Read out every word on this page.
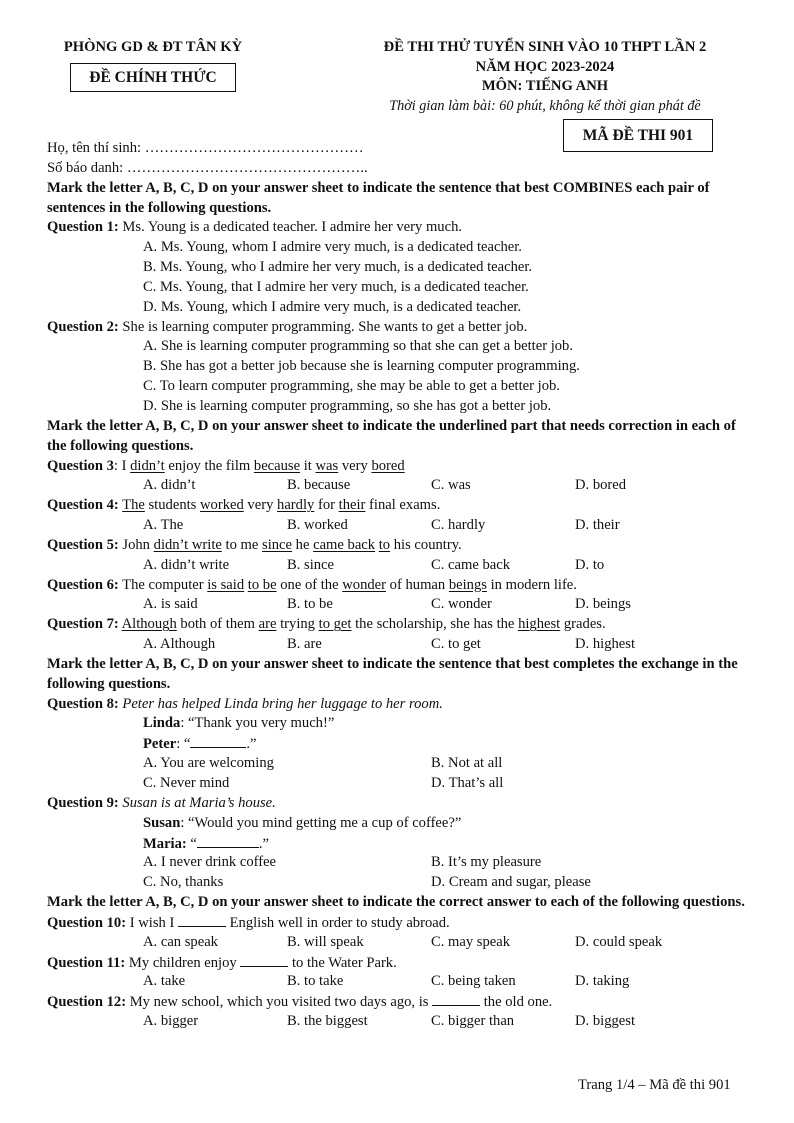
PHÒNG GD & ĐT TÂN KỲ
ĐỀ CHÍNH THỨC
ĐỀ THI THỬ TUYỂN SINH VÀO 10 THPT LẦN 2
NĂM HỌC 2023-2024
MÔN: TIẾNG ANH
Thời gian làm bài: 60 phút, không kể thời gian phát đề
MÃ ĐỀ THI 901
Họ, tên thí sinh: ………………………………………
Số báo danh: …………………………………………..
Mark the letter A, B, C, D on your answer sheet to indicate the sentence that best COMBINES each pair of sentences in the following questions.
Question 1: Ms. Young is a dedicated teacher. I admire her very much.
A. Ms. Young, whom I admire very much, is a dedicated teacher.
B. Ms. Young, who I admire her very much, is a dedicated teacher.
C. Ms. Young, that I admire her very much, is a dedicated teacher.
D. Ms. Young, which I admire very much, is a dedicated teacher.
Question 2: She is learning computer programming. She wants to get a better job.
A. She is learning computer programming so that she can get a better job.
B. She has got a better job because she is learning computer programming.
C. To learn computer programming, she may be able to get a better job.
D. She is learning computer programming, so she has got a better job.
Mark the letter A, B, C, D on your answer sheet to indicate the underlined part that needs correction in each of the following questions.
Question 3: I didn’t enjoy the film because it was very bored
A. didn’t	B. because	C. was	D. bored
Question 4: The students worked very hardly for their final exams.
A. The	B. worked	C. hardly	D. their
Question 5: John didn’t write to me since he came back to his country.
A. didn’t write	B. since	C. came back	D. to
Question 6: The computer is said to be one of the wonder of human beings in modern life.
A. is said	B. to be	C. wonder	D. beings
Question 7: Although both of them are trying to get the scholarship, she has the highest grades.
A. Although	B. are	C. to get	D. highest
Mark the letter A, B, C, D on your answer sheet to indicate the sentence that best completes the exchange in the following questions.
Question 8: Peter has helped Linda bring her luggage to her room.
Linda: “Thank you very much!”
Peter: “	.”
A. You are welcoming	B. Not at all
C. Never mind	D. That’s all
Question 9: Susan is at Maria’s house.
Susan: “Would you mind getting me a cup of coffee?”
Maria: “	.”
A. I never drink coffee	B. It’s my pleasure
C. No, thanks	D. Cream and sugar, please
Mark the letter A, B, C, D on your answer sheet to indicate the correct answer to each of the following questions.
Question 10: I wish I	English well in order to study abroad.
A. can speak	B. will speak	C. may speak	D. could speak
Question 11: My children enjoy	to the Water Park.
A. take	B. to take	C. being taken	D. taking
Question 12: My new school, which you visited two days ago, is	the old one.
A. bigger	B. the biggest	C. bigger than	D. biggest
Trang 1/4 – Mã đề thi 901
